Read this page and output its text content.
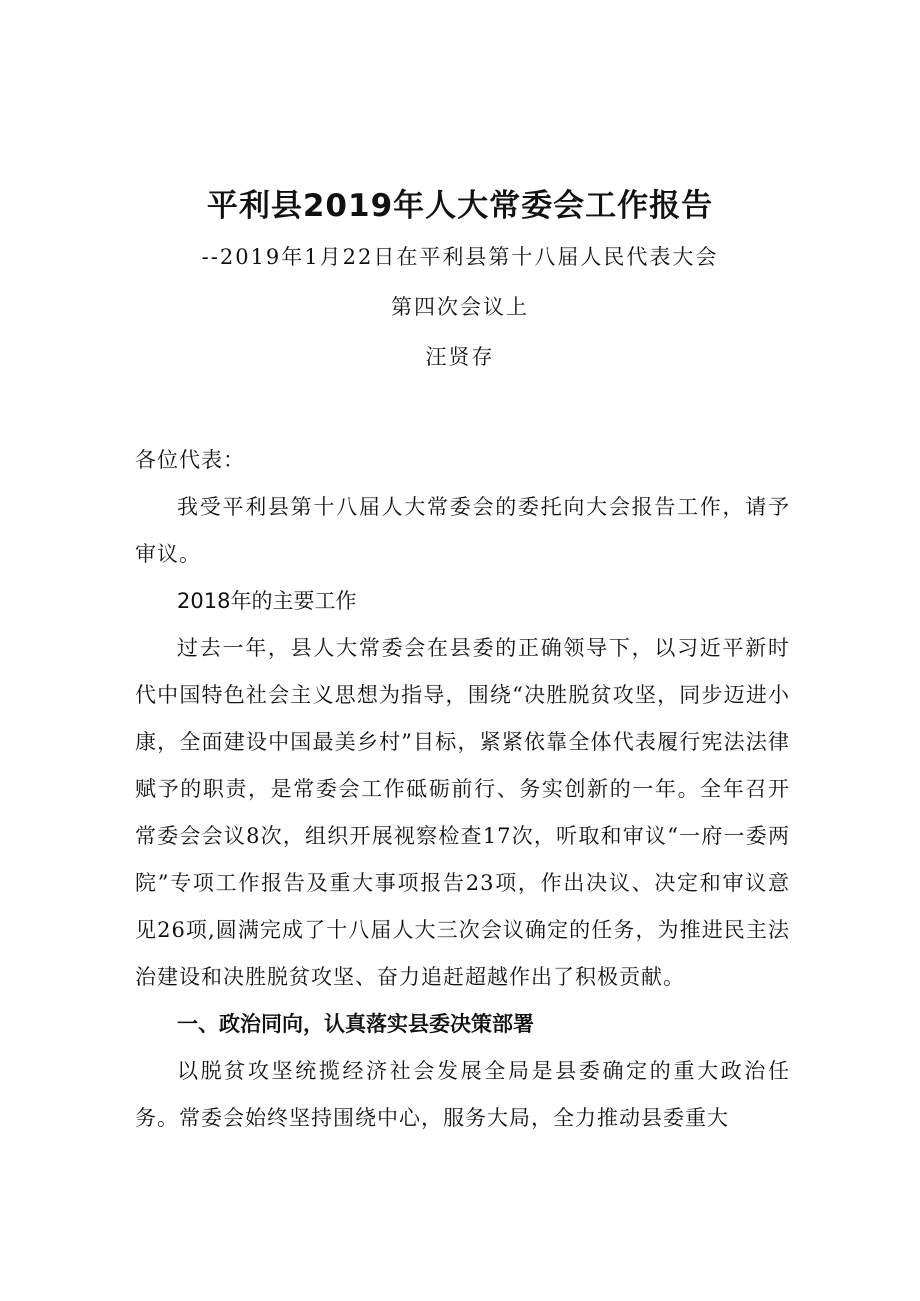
平利县2019年人大常委会工作报告
--2019年1月22日在平利县第十八届人民代表大会
第四次会议上
汪贤存

各位代表：

我受平利县第十八届人大常委会的委托向大会报告工作，请予审议。

2018年的主要工作

过去一年，县人大常委会在县委的正确领导下，以习近平新时代中国特色社会主义思想为指导，围绕“决胜脱贫攻坚，同步迈进小康，全面建设中国最美乡村”目标，紧紧依靠全体代表履行宪法法律赋予的职责，是常委会工作砥砺前行、务实创新的一年。全年召开常委会会议8次，组织开展视察检查17次，听取和审议“一府一委两院”专项工作报告及重大事项报告23项，作出决议、决定和审议意见26项,圆满完成了十八届人大三次会议确定的任务，为推进民主法治建设和决胜脱贫攻坚、奋力追赶超越作出了积极贡献。

一、政治同向，认真落实县委决策部署

以脱贫攻坚统揽经济社会发展全局是县委确定的重大政治任务。常委会始终坚持围绕中心，服务大局，全力推动县委重大
